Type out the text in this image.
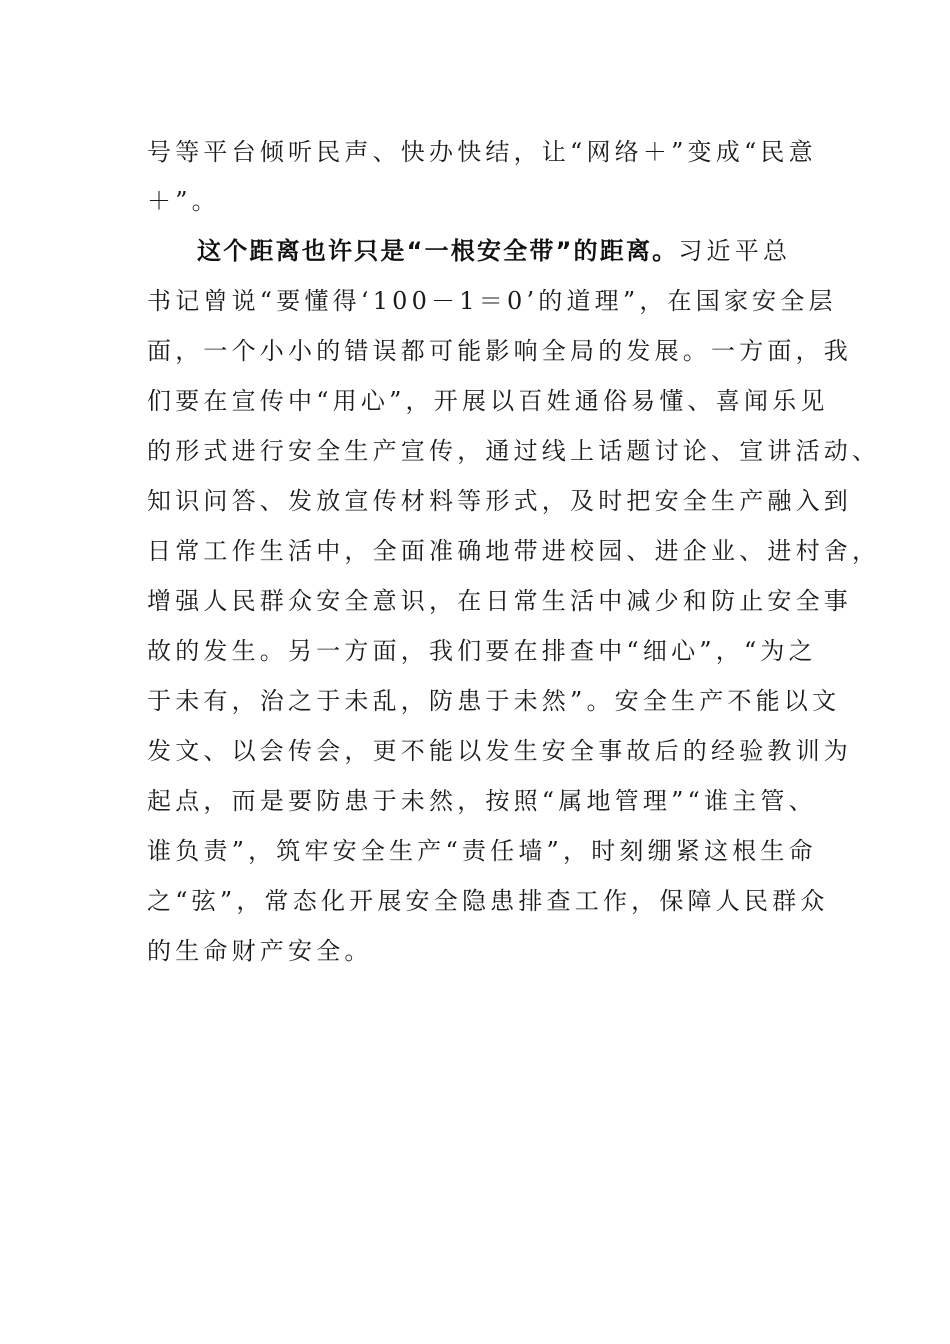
号等平台倾听民声、快办快结，让“网络＋”变成“民意
＋”。
这个距离也许只是“一根安全带”的距离。习近平总
书记曾说“要懂得‘100－1＝0’的道理”，在国家安全层
面，一个小小的错误都可能影响全局的发展。一方面，我
们要在宣传中“用心”，开展以百姓通俗易懂、喜闻乐见
的形式进行安全生产宣传，通过线上话题讨论、宣讲活动、
知识问答、发放宣传材料等形式，及时把安全生产融入到
日常工作生活中，全面准确地带进校园、进企业、进村舍，
增强人民群众安全意识，在日常生活中减少和防止安全事
故的发生。另一方面，我们要在排查中“细心”，“为之
于未有，治之于未乱，防患于未然”。安全生产不能以文
发文、以会传会，更不能以发生安全事故后的经验教训为
起点，而是要防患于未然，按照“属地管理”“谁主管、
谁负责”，筑牢安全生产“责任墙”，时刻绷紧这根生命
之“弦”，常态化开展安全隐患排查工作，保障人民群众
的生命财产安全。
